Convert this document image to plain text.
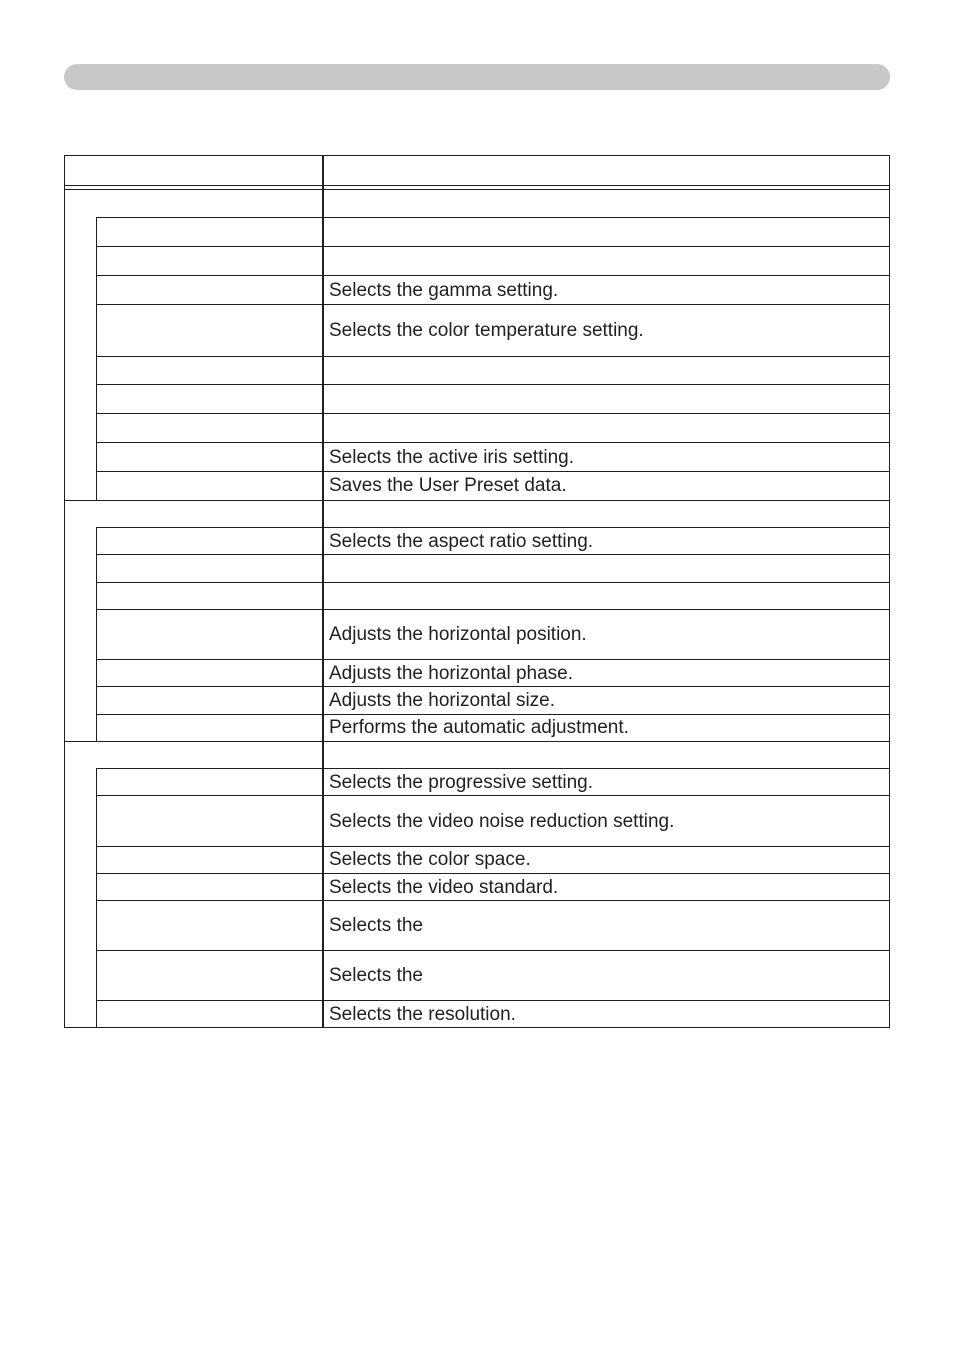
Selects the gamma setting.
Selects the color temperature setting.
Selects the active iris setting.
Saves the User Preset data.
Selects the aspect ratio setting.
Adjusts the horizontal position.
Adjusts the horizontal phase.
Adjusts the horizontal size.
Performs the automatic adjustment.
Selects the progressive setting.
Selects the video noise reduction setting.
Selects the color space.
Selects the video standard.
Selects the
Selects the
Selects the resolution.
